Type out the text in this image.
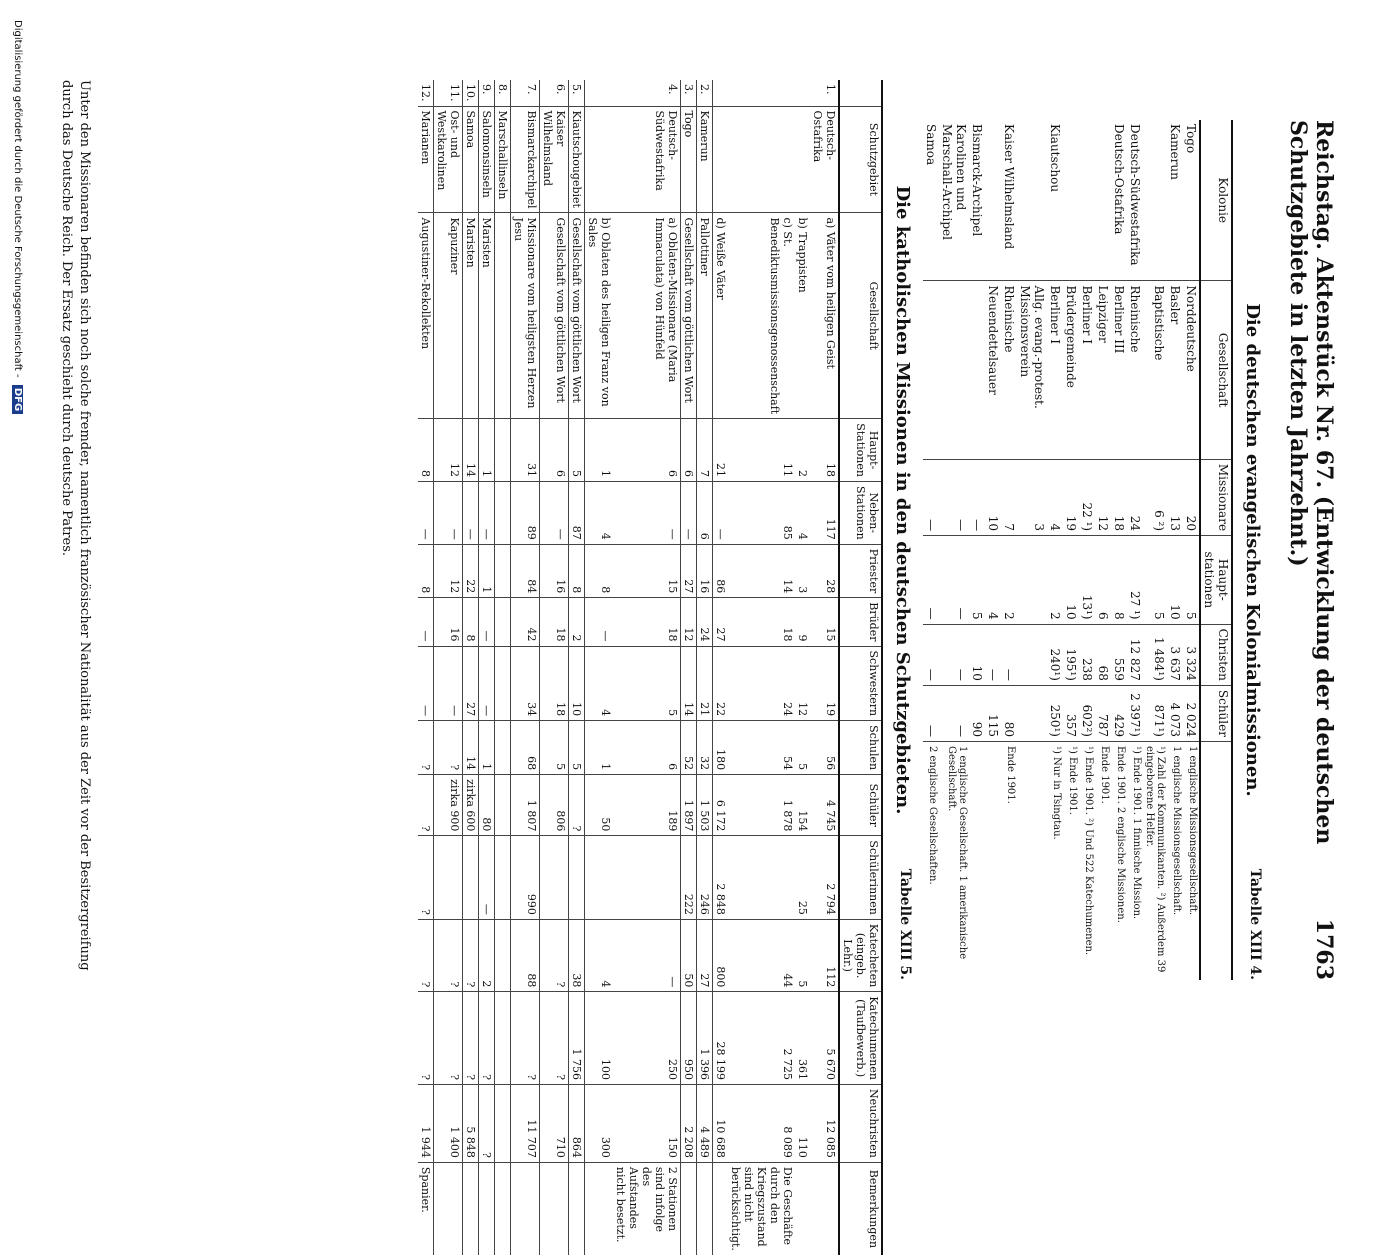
Reichstag. Aktenstück Nr. 67. (Entwicklung der deutschen Schutzgebiete in letzten Jahrzehnt.)
1763
Die deutschen evangelischen Kolonialmissionen.
Tabelle XIII 4.
Kolonie	Gesellschaft	Missionare	Haupt-stationen	Christen	Schüler	
Togo	Norddeutsche	20	5	3 324	2 024	1 englische Missionsgesellschaft.
Kamerun	Basler	13	10	3 637	4 073	1 englische Missionsgesellschaft.
	Baptistische	6 ²)	5	1 484¹)	871¹)	¹) Zahl der Kommunikanten. ²) Außerdem 39 eingeborene Helfer.
Deutsch-Südwestafrika	Rheinische	24	27 ¹)	12 827	2 397¹)	¹) Ende 1901. 1 finnische Mission.
Deutsch-Ostafrika	Berliner III	18	8	559	429	Ende 1901. 2 englische Missionen.
	Leipziger	12	6	68	787	Ende 1901.
	Berliner I	22 ¹)	13¹)	238	602²)	¹) Ende 1901. ²) Und 522 Katechumenen.
	Brüdergemeinde	19	10	195¹)	357	¹) Ende 1901.
Kiautschou	Berliner I	4	2	240¹)	250¹)	¹) Nur in Tsingtau.
	Allg. evang.-protest. Missionsverein	3				
Kaiser Wilhelmsland	Rheinische	7	2	—	80	Ende 1901.
	Neuendettelsauer	10	4	—	115	
Bismarck-Archipel		—	5	10	90	
Karolinen und Marschall-Archipel		—	—	—	—	1 englische Gesellschaft. 1 amerikanische Gesellschaft.
Samoa		—	—	—	—	2 englische Gesellschaften.
Die katholischen Missionen in den deutschen Schutzgebieten.
Tabelle XIII 5.
	Schutzgebiet	Gesellschaft	Haupt-Stationen	Neben-Stationen	Priester	Brüder	Schwestern	Schulen	Schüler	Schülerinnen	Katecheten (eingeb. Lehr.)	Katechumenen (Taufbewerb.)	Neuchristen	Bemerkungen
1.	Deutsch-Ostafrika	a) Väter vom heiligen Geist	18	117	28	15	19	56	4 745	2 794	112	5 670	12 085	
		b) Trappisten	2	4	3	9	12	5	154	25	5	361	110	
		c) St. Benediktusmissionsgenossenschaft	11	85	14	18	24	54	1 878		44	2 725	8 089	Die Geschäfte durch den Kriegszustand sind nicht berücksichtigt.
		d) Weiße Väter	21	—	86	27	22	180	6 172	2 848	800	28 199	10 688	
2.	Kamerun	Pallottiner	7	6	16	24	21	32	1 503	246	27	1 396	4 489	
3.	Togo	Gesellschaft vom göttlichen Wort	6	—	27	12	14	52	1 897	222	50	950	2 208	
4.	Deutsch-Südwestafrika	a) Oblaten-Missionare (Maria Immaculata) von Hünfeld	6	—	15	18	5	6	189		—	250	150	2 Stationen sind infolge des Aufstandes nicht besetzt.
		b) Oblaten des heiligen Franz von Sales	1	4	8	—	4	1	50		4	100	300	
5.	Kiautschougebiet	Gesellschaft vom göttlichen Wort	5	87	8	2	10	5	?		38	1 756	864	
6.	Kaiser Wilhelmsland	Gesellschaft vom göttlichen Wort	6	—	16	18	18	5	806		?	?	710	
7.	Bismarckarchipel	Missionare vom heiligsten Herzen Jesu	31	89	84	42	34	68	1 807	990	88	?	11 707	
8.	Marschallinseln													
9.	Salomonsinseln	Maristen	1	—	1	—	—	1	80	—	2	?	?	
10.	Samoa	Maristen	14	—	22	8	27	14	zirka 600		?	?	5 848	
11.	Ost- und Westkarolinen	Kapuziner	12	—	12	16	—	?	zirka 900		?	?	1 400	
12.	Marianen	Augustiner-Rekollekten	8	—	8	—	—	?	?	?	?	?	1 944	Spanier.
Unter den Missionaren befinden sich noch solche fremder, namentlich französischer Nationalität aus der Zeit vor der Besitzergreifung durch das Deutsche Reich. Der Ersatz geschieht durch deutsche Patres.
Digitalisierung gefördert durch die Deutsche Forschungsgemeinschaft - DFG
